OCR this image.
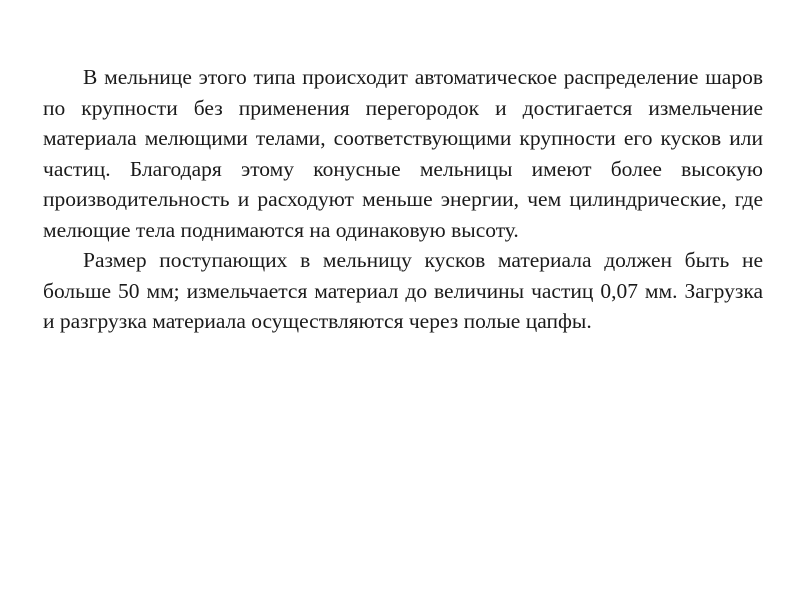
В мельнице этого типа происходит автоматическое распределение шаров по крупности без применения перегородок и достигается измельчение материала мелющими телами, соответствующими крупности его кусков или частиц. Благодаря этому конусные мельницы имеют более высокую производительность и расходуют меньше энергии, чем цилиндрические, где мелющие тела поднимаются на одинаковую высоту.

Размер поступающих в мельницу кусков материала должен быть не больше 50 мм; измельчается материал до величины частиц 0,07 мм. Загрузка и разгрузка материала осуществляются через полые цапфы.
